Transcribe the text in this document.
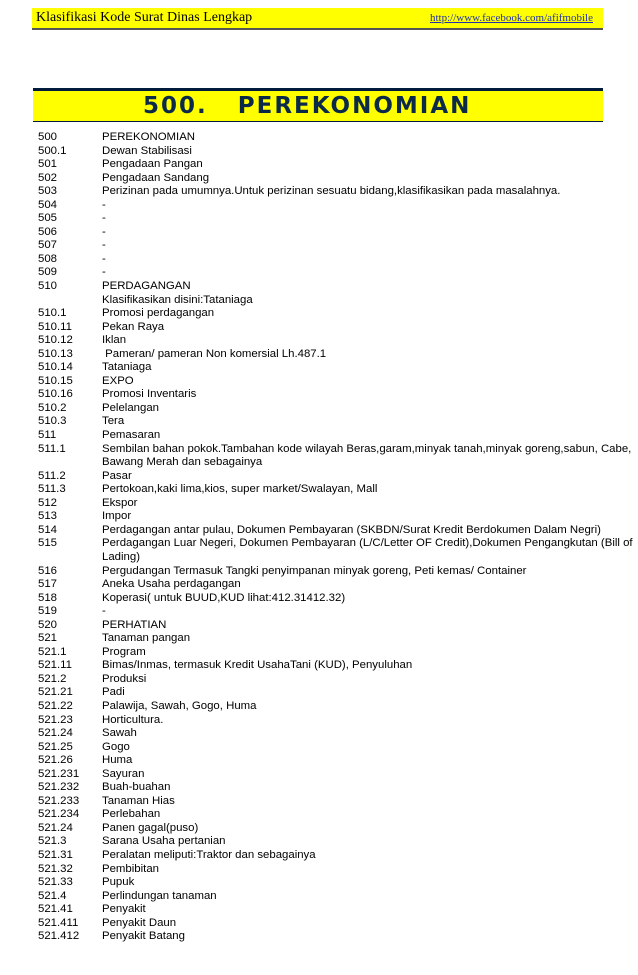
Klasifikasi Kode Surat Dinas Lengkap	http://www.facebook.com/afifmobile
500.   PEREKONOMIAN
500	PEREKONOMIAN
500.1	Dewan Stabilisasi
501	Pengadaan Pangan
502	Pengadaan Sandang
503	Perizinan pada umumnya.Untuk perizinan sesuatu bidang,klasifikasikan pada masalahnya.
504	-
505	-
506	-
507	-
508	-
509	-
510	PERDAGANGAN
Klasifikasikan disini:Tataniaga
510.1	Promosi perdagangan
510.11	Pekan Raya
510.12	Iklan
510.13	Pameran/ pameran Non komersial Lh.487.1
510.14	Tataniaga
510.15	EXPO
510.16	Promosi Inventaris
510.2	Pelelangan
510.3	Tera
511	Pemasaran
511.1	Sembilan bahan pokok.Tambahan kode wilayah Beras,garam,minyak tanah,minyak goreng,sabun, Cabe,
Bawang Merah dan sebagainya
511.2	Pasar
511.3	Pertokoan,kaki lima,kios, super market/Swalayan, Mall
512	Ekspor
513	Impor
514	Perdagangan antar pulau, Dokumen Pembayaran (SKBDN/Surat Kredit Berdokumen Dalam Negri)
515	Perdagangan Luar Negeri, Dokumen Pembayaran (L/C/Letter OF Credit),Dokumen Pengangkutan (Bill of
Lading)
516	Pergudangan Termasuk Tangki penyimpanan minyak goreng, Peti kemas/ Container
517	Aneka Usaha perdagangan
518	Koperasi( untuk BUUD,KUD lihat:412.31412.32)
519	-
520	PERHATIAN
521	Tanaman pangan
521.1	Program
521.11	Bimas/Inmas, termasuk Kredit UsahaTani (KUD), Penyuluhan
521.2	Produksi
521.21	Padi
521.22	Palawija, Sawah, Gogo, Huma
521.23	Horticultura.
521.24	Sawah
521.25	Gogo
521.26	Huma
521.231	Sayuran
521.232	Buah-buahan
521.233	Tanaman Hias
521.234	Perlebahan
521.24	Panen gagal(puso)
521.3	Sarana Usaha pertanian
521.31	Peralatan meliputi:Traktor dan sebagainya
521.32	Pembibitan
521.33	Pupuk
521.4	Perlindungan tanaman
521.41	Penyakit
521.411	Penyakit Daun
521.412	Penyakit Batang
